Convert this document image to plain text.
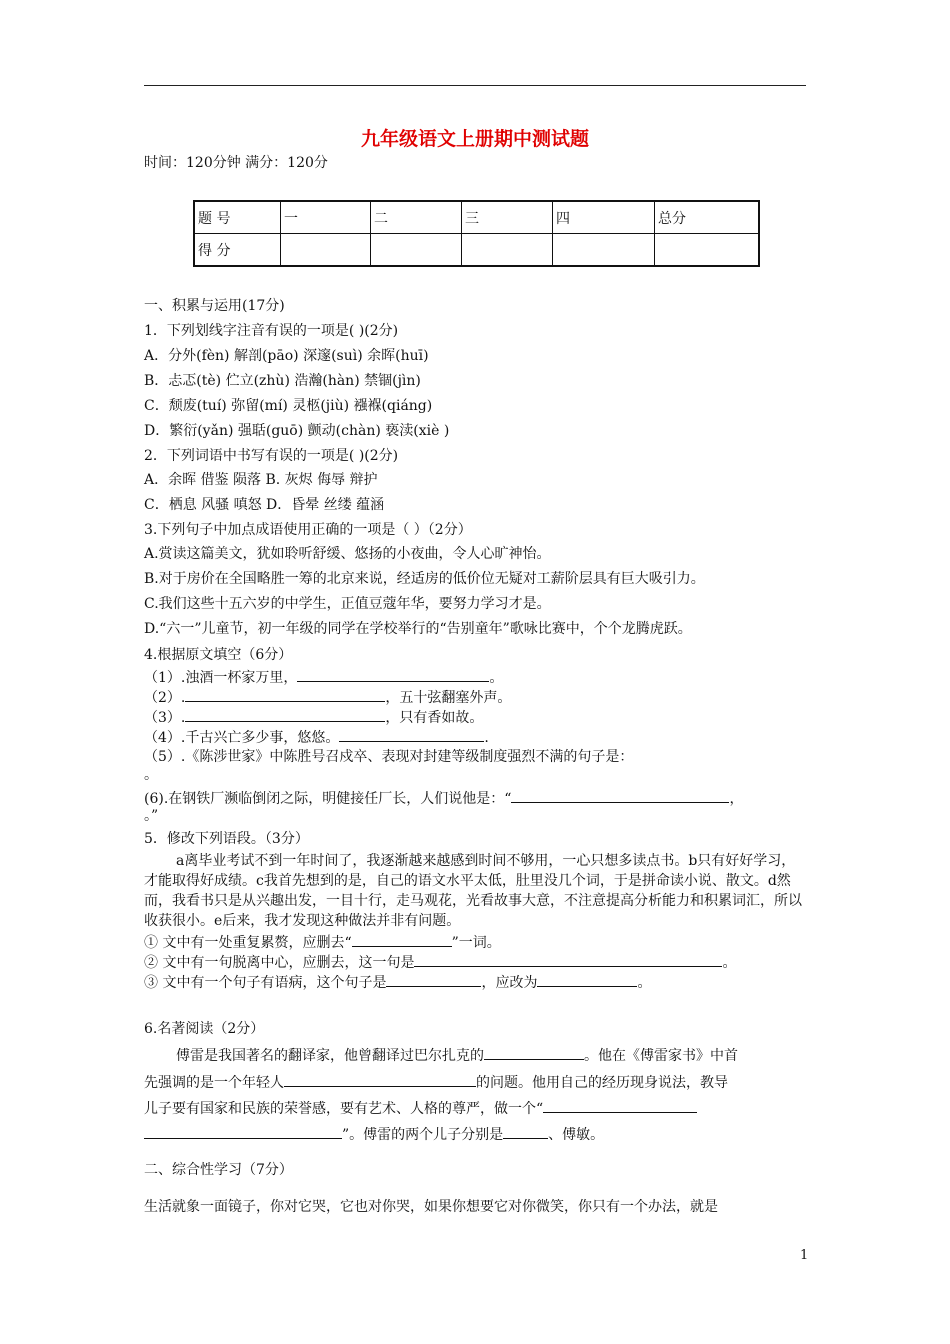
九年级语文上册期中测试题
时间：120分钟 满分：120分
题 号	一	二	三	四	总分
得 分					
一、积累与运用(17分)
1．下列划线字注音有误的一项是( )(2分)
A．分外(fèn) 解剖(pāo) 深邃(suì) 余晖(huī)
B．忐忑(tè) 伫立(zhù) 浩瀚(hàn) 禁锢(jìn)
C．颓废(tuí) 弥留(mí) 灵柩(jiù) 襁褓(qiáng)
D．繁衍(yǎn) 强聒(guō) 颤动(chàn) 亵渎(xiè )
2．下列词语中书写有误的一项是( )(2分)
A．余晖 借鉴 陨落 B. 灰烬 侮辱 辩护
C．栖息 风骚 嗔怒 D．昏晕 丝缕 蕴涵
3.下列句子中加点成语使用正确的一项是（ ）（2分）
A.赏读这篇美文，犹如聆听舒缓、悠扬的小夜曲，令人心旷神怡。
B.对于房价在全国略胜一筹的北京来说，经适房的低价位无疑对工薪阶层具有巨大吸引力。
C.我们这些十五六岁的中学生，正值豆蔻年华，要努力学习才是。
D.“六一”儿童节，初一年级的同学在学校举行的“告别童年”歌咏比赛中，个个龙腾虎跃。
4.根据原文填空（6分）
（1）.浊酒一杯家万里，	。
（2）.	，五十弦翻塞外声。
（3）.	，只有香如故。
（4）.千古兴亡多少事，悠悠。	.
（5）.《陈涉世家》中陈胜号召戍卒、表现对封建等级制度强烈不满的句子是：
。
(6).在钢铁厂濒临倒闭之际，明健接任厂长，人们说他是：“	，
。”
5．修改下列语段。（3分）
a离毕业考试不到一年时间了，我逐渐越来越感到时间不够用，一心只想多读点书。b只有好好学习，才能取得好成绩。c我首先想到的是，自己的语文水平太低，肚里没几个词，于是拼命读小说、散文。d然而，我看书只是从兴趣出发，一目十行，走马观花，光看故事大意，不注意提高分析能力和积累词汇，所以收获很小。e后来，我才发现这种做法并非有问题。
① 文中有一处重复累赘，应删去“	”一词。
② 文中有一句脱离中心，应删去，这一句是	。
③ 文中有一个句子有语病，这个句子是	，应改为	。
6.名著阅读（2分）
傅雷是我国著名的翻译家，他曾翻译过巴尔扎克的	。他在《傅雷家书》中首
先强调的是一个年轻人	的问题。他用自己的经历现身说法，教导
儿子要有国家和民族的荣誉感，要有艺术、人格的尊严，做一个“
”。傅雷的两个儿子分别是	、傅敏。
二、综合性学习（7分）
生活就象一面镜子，你对它哭，它也对你哭，如果你想要它对你微笑，你只有一个办法，就是
1
